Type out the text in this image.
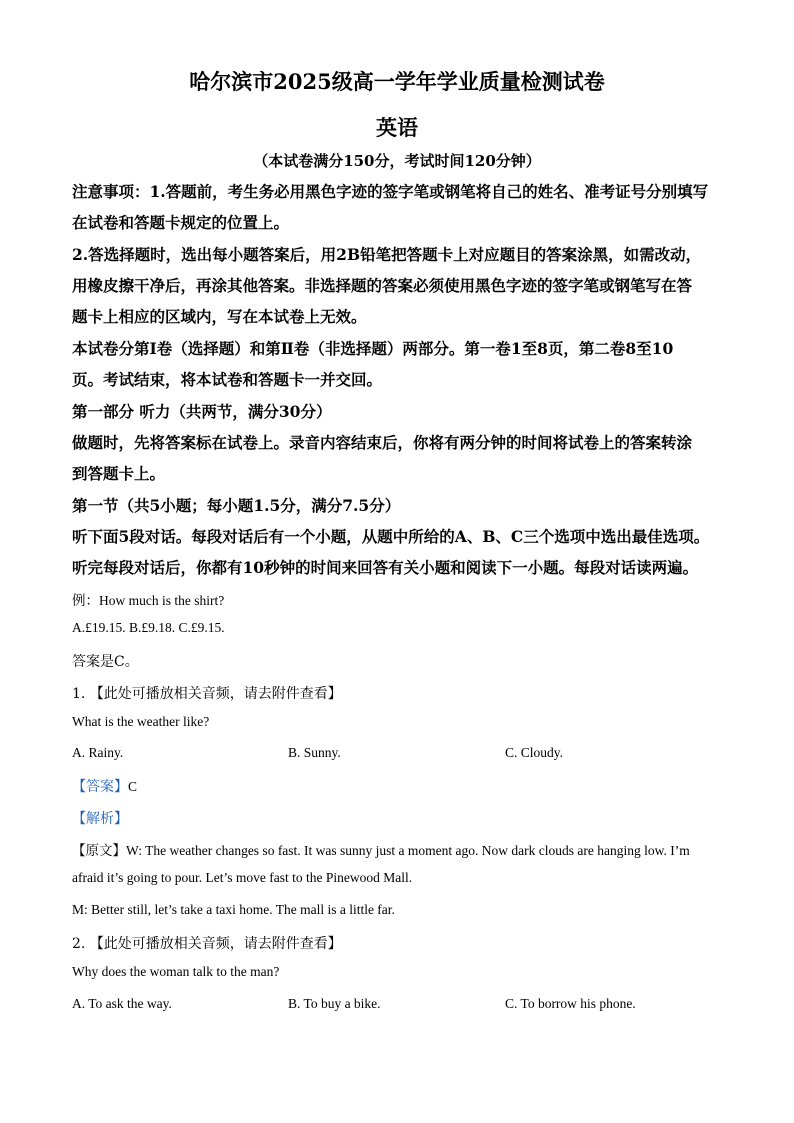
哈尔滨市2025级高一学年学业质量检测试卷
英语
（本试卷满分150分，考试时间120分钟）
注意事项：1.答题前，考生务必用黑色字迹的签字笔或钢笔将自己的姓名、准考证号分别填写
在试卷和答题卡规定的位置上。
2.答选择题时，选出每小题答案后，用2B铅笔把答题卡上对应题目的答案涂黑，如需改动，
用橡皮擦干净后，再涂其他答案。非选择题的答案必须使用黑色字迹的签字笔或钢笔写在答
题卡上相应的区域内，写在本试卷上无效。
本试卷分第Ⅰ卷（选择题）和第Ⅱ卷（非选择题）两部分。第一卷1至8页，第二卷8至10
页。考试结束，将本试卷和答题卡一并交回。
第一部分 听力（共两节，满分30分）
做题时，先将答案标在试卷上。录音内容结束后，你将有两分钟的时间将试卷上的答案转涂
到答题卡上。
第一节（共5小题；每小题1.5分，满分7.5分）
听下面5段对话。每段对话后有一个小题，从题中所给的A、B、C三个选项中选出最佳选项。
听完每段对话后，你都有10秒钟的时间来回答有关小题和阅读下一小题。每段对话读两遍。
例：How much is the shirt?
A.£19.15. B.£9.18. C.£9.15.
答案是C。
1. 【此处可播放相关音频，请去附件查看】
What is the weather like?
A. Rainy.	B. Sunny.	C. Cloudy.
【答案】C
【解析】
【原文】W: The weather changes so fast. It was sunny just a moment ago. Now dark clouds are hanging low. I’m
afraid it’s going to pour. Let’s move fast to the Pinewood Mall.
M: Better still, let’s take a taxi home. The mall is a little far.
2. 【此处可播放相关音频，请去附件查看】
Why does the woman talk to the man?
A. To ask the way.	B. To buy a bike.	C. To borrow his phone.
